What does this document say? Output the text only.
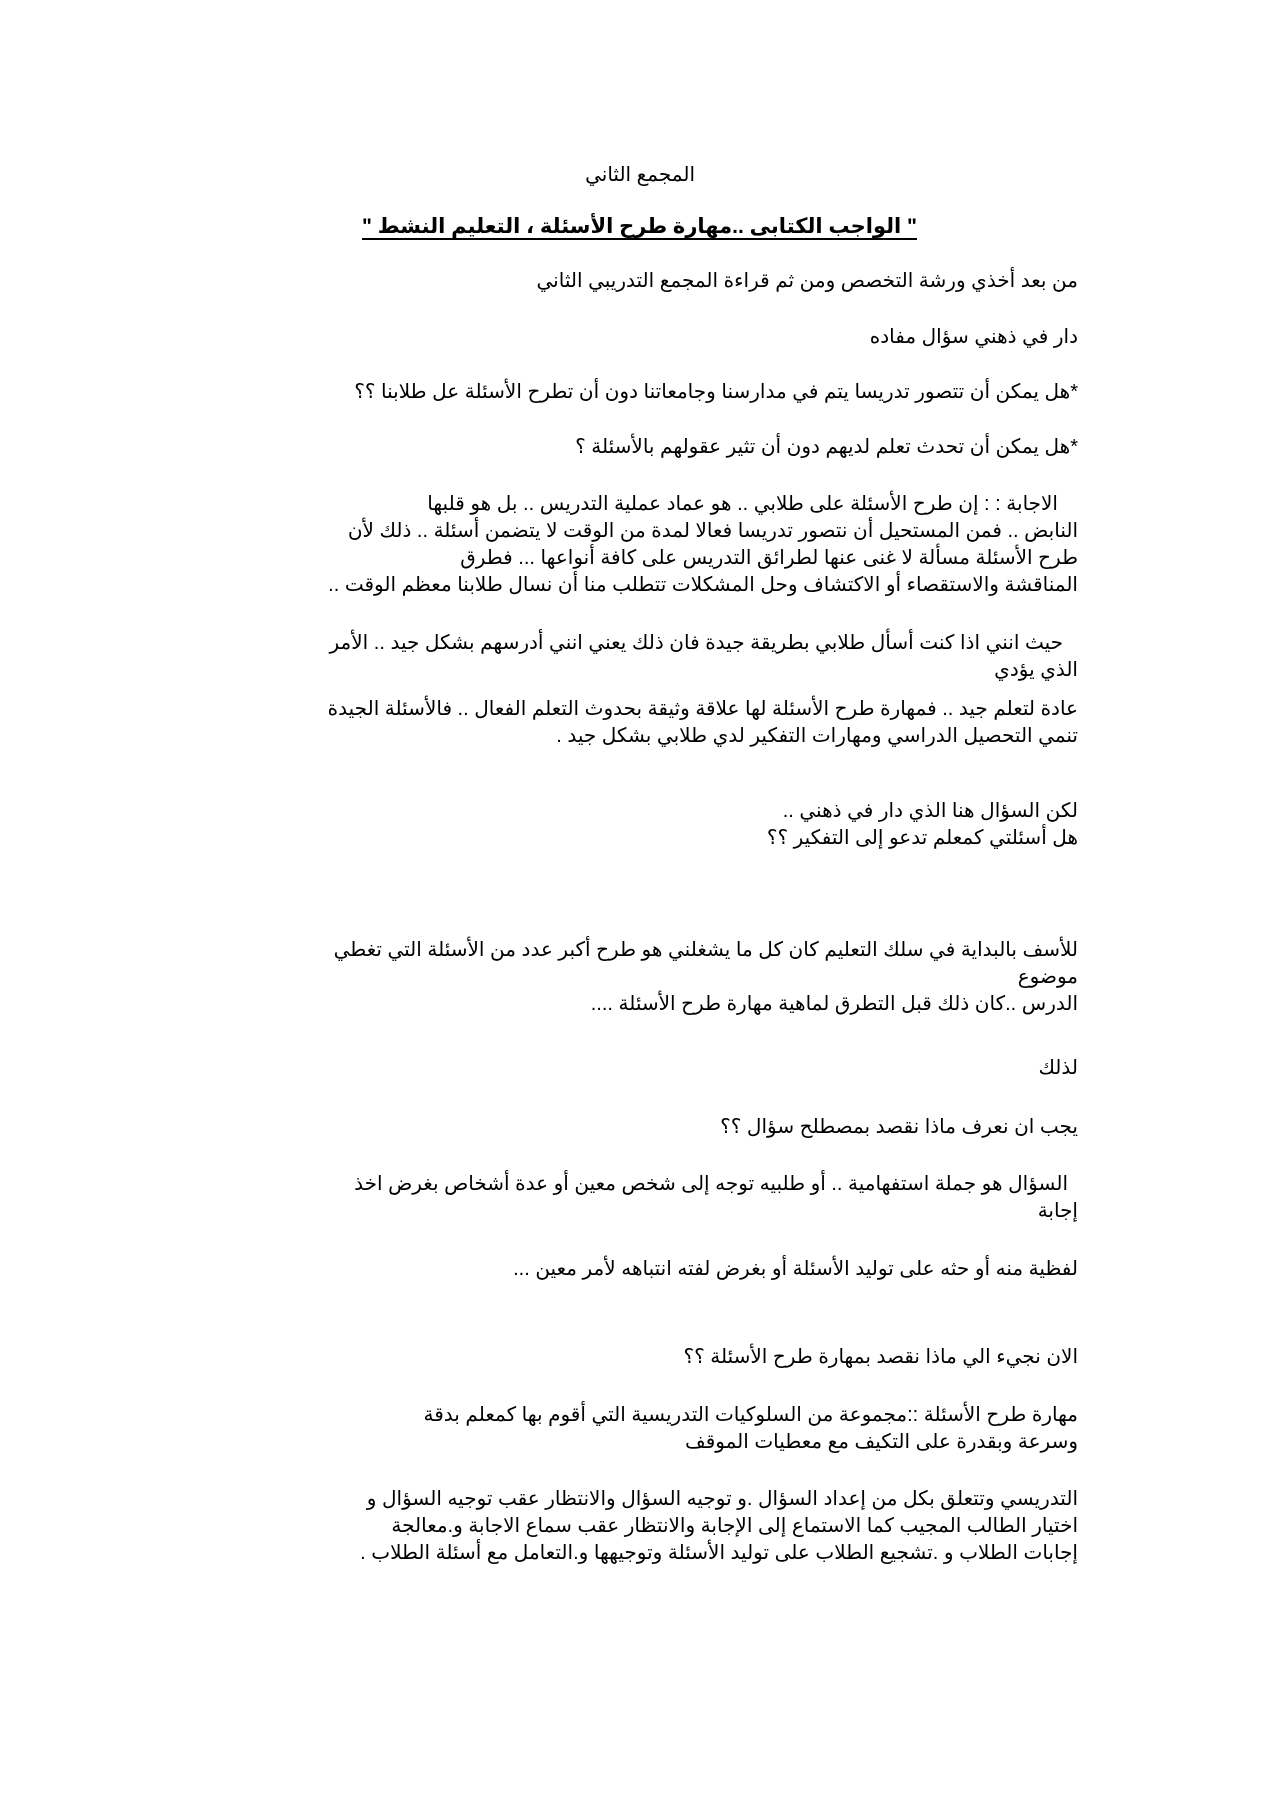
المجمع الثاني
" الواجب الكتابى ..مهارة طرح الأسئلة ، التعليم النشط "
من بعد أخذي ورشة التخصص ومن ثم قراءة المجمع التدريبي الثاني
دار في ذهني سؤال مفاده
*هل يمكن أن تتصور تدريسا يتم في مدارسنا وجامعاتنا دون أن تطرح الأسئلة عل طلابنا ؟؟
*هل يمكن أن تحدث تعلم لديهم دون أن تثير عقولهم بالأسئلة ؟
الاجابة : : إن طرح الأسئلة على طلابي .. هو عماد عملية التدريس .. بل هو قلبها
النابض .. فمن المستحيل أن نتصور تدريسا فعالا لمدة من الوقت لا يتضمن أسئلة .. ذلك لأن
طرح الأسئلة مسألة لا غنى عنها لطرائق التدريس على كافة أنواعها ... فطرق
المناقشة والاستقصاء أو الاكتشاف وحل المشكلات تتطلب منا أن نسال طلابنا معظم الوقت ..
حيث انني اذا كنت أسأل طلابي بطريقة جيدة فان ذلك يعني انني أدرسهم بشكل جيد .. الأمر
الذي يؤدي
عادة لتعلم جيد .. فمهارة طرح الأسئلة لها علاقة وثيقة بحدوث التعلم الفعال .. فالأسئلة الجيدة
تنمي التحصيل الدراسي ومهارات التفكير لدي طلابي بشكل جيد .
لكن السؤال هنا الذي دار في ذهني ..
هل أسئلتي كمعلم تدعو إلى التفكير ؟؟
للأسف بالبداية في سلك التعليم كان كل ما يشغلني هو طرح أكبر عدد من الأسئلة التي تغطي
موضوع
الدرس ..كان ذلك قبل التطرق لماهية مهارة طرح الأسئلة ....
لذلك
يجب ان نعرف ماذا نقصد بمصطلح سؤال ؟؟
السؤال هو جملة استفهامية .. أو طلبيه توجه إلى شخص معين أو عدة أشخاص بغرض اخذ
إجابة
لفظية منه أو حثه على توليد الأسئلة أو بغرض لفته انتباهه لأمر معين ...
الان نجيء الي ماذا نقصد بمهارة طرح الأسئلة ؟؟
مهارة طرح الأسئلة ::مجموعة من السلوكيات التدريسية التي أقوم بها كمعلم بدقة
وسرعة وبقدرة على التكيف مع معطيات الموقف
التدريسي وتتعلق بكل من إعداد السؤال .و توجيه السؤال والانتظار عقب توجيه السؤال و
اختيار الطالب المجيب كما الاستماع إلى الإجابة والانتظار عقب سماع الاجابة و.معالجة
إجابات الطلاب و .تشجيع الطلاب على توليد الأسئلة وتوجيهها و.التعامل مع أسئلة الطلاب .
